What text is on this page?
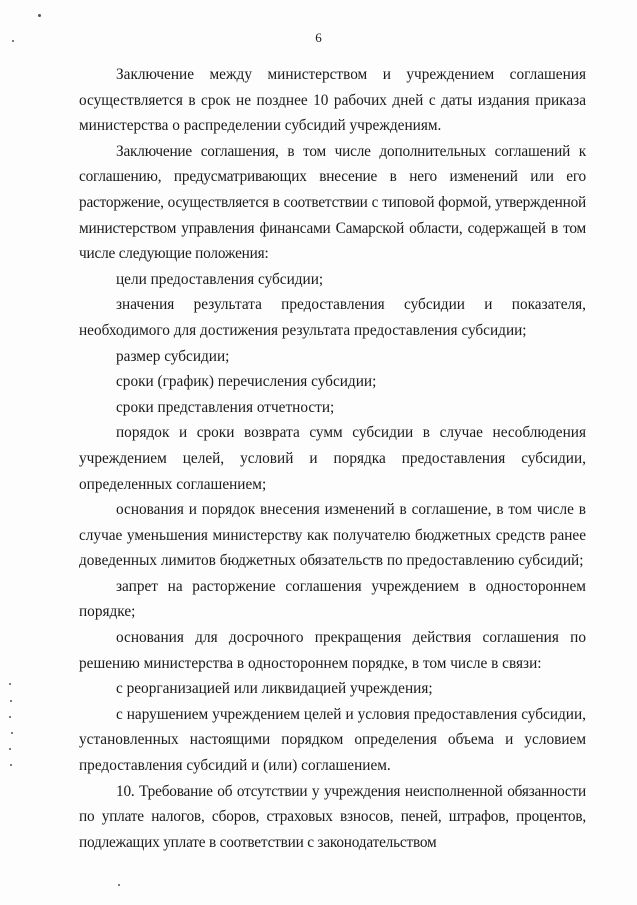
6

Заключение между министерством и учреждением соглашения осуществляется в срок не позднее 10 рабочих дней с даты издания приказа министерства о распределении субсидий учреждениям.

Заключение соглашения, в том числе дополнительных соглашений к соглашению, предусматривающих внесение в него изменений или его расторжение, осуществляется в соответствии с типовой формой, утвержденной министерством управления финансами Самарской области, содержащей в том числе следующие положения:

цели предоставления субсидии;

значения результата предоставления субсидии и показателя, необходимого для достижения результата предоставления субсидии;

размер субсидии;

сроки (график) перечисления субсидии;

сроки представления отчетности;

порядок и сроки возврата сумм субсидии в случае несоблюдения учреждением целей, условий и порядка предоставления субсидии, определенных соглашением;

основания и порядок внесения изменений в соглашение, в том числе в случае уменьшения министерству как получателю бюджетных средств ранее доведенных лимитов бюджетных обязательств по предоставлению субсидий;

запрет на расторжение соглашения учреждением в одностороннем порядке;

основания для досрочного прекращения действия соглашения по решению министерства в одностороннем порядке, в том числе в связи:

с реорганизацией или ликвидацией учреждения;

с нарушением учреждением целей и условия предоставления субсидии, установленных настоящими порядком определения объема и условием предоставления субсидий и (или) соглашением.

10. Требование об отсутствии у учреждения неисполненной обязанности по уплате налогов, сборов, страховых взносов, пеней, штрафов, процентов, подлежащих уплате в соответствии с законодательством
